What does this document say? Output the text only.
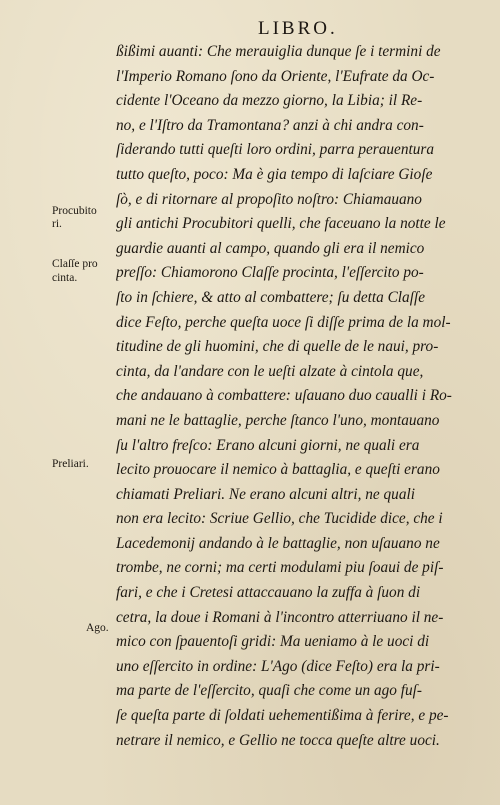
LIBRO.
ßißimi auanti: Che merauiglia dunque ſe i termini de
l'Imperio Romano ſono da Oriente, l'Eufrate da Oc-
cidente l'Oceano da mezzo giorno, la Libia; il Re-
no, e l'Iſtro da Tramontana? anzi à chi andra con-
ſiderando tutti queſti loro ordini, parra perauentura
tutto queſto, poco: Ma è gia tempo di laſciare Gioſe
ſò, e di ritornare al propoſito noſtro: Chiamauano
gli antichi Procubitori quelli, che faceuano la notte le
guardie auanti al campo, quando gli era il nemico
preſſo: Chiamorono Claſſe procinta, l'eſſercito po-
ſto in ſchiere, & atto al combattere; ſu detta Claſſe
dice Feſto, perche queſta uoce ſi diſſe prima de la mol-
titudine de gli huomini, che di quelle de le naui, pro-
cinta, da l'andare con le ueſti alzate à cintola que,
che andauano à combattere: uſauano duo caualli i Ro-
mani ne le battaglie, perche ſtanco l'uno, montauano
ſu l'altro freſco: Erano alcuni giorni, ne quali era
lecito prouocare il nemico à battaglia, e queſti erano
chiamati Preliari. Ne erano alcuni altri, ne quali
non era lecito: Scriue Gellio, che Tucidide dice, che i
Lacedemonij andando à le battaglie, non uſauano ne
trombe, ne corni; ma certi modulami piu ſoaui de piſ-
fari, e che i Cretesi attaccauano la zuffa à ſuon di
cetra, la doue i Romani à l'incontro atterriuano il ne-
mico con ſpauentoſi gridi: Ma ueniamo à le uoci di
uno eſſercito in ordine: L'Ago (dice Feſto) era la pri-
ma parte de l'eſſercito, quaſi che come un ago fuſ-
ſe queſta parte di ſoldati uehementißima à ferire, e pe-
netrare il nemico, e Gellio ne tocca queſte altre uoci.
Procubito
ri.
Claſſe pro
cinta.
Preliari.
Ago.
